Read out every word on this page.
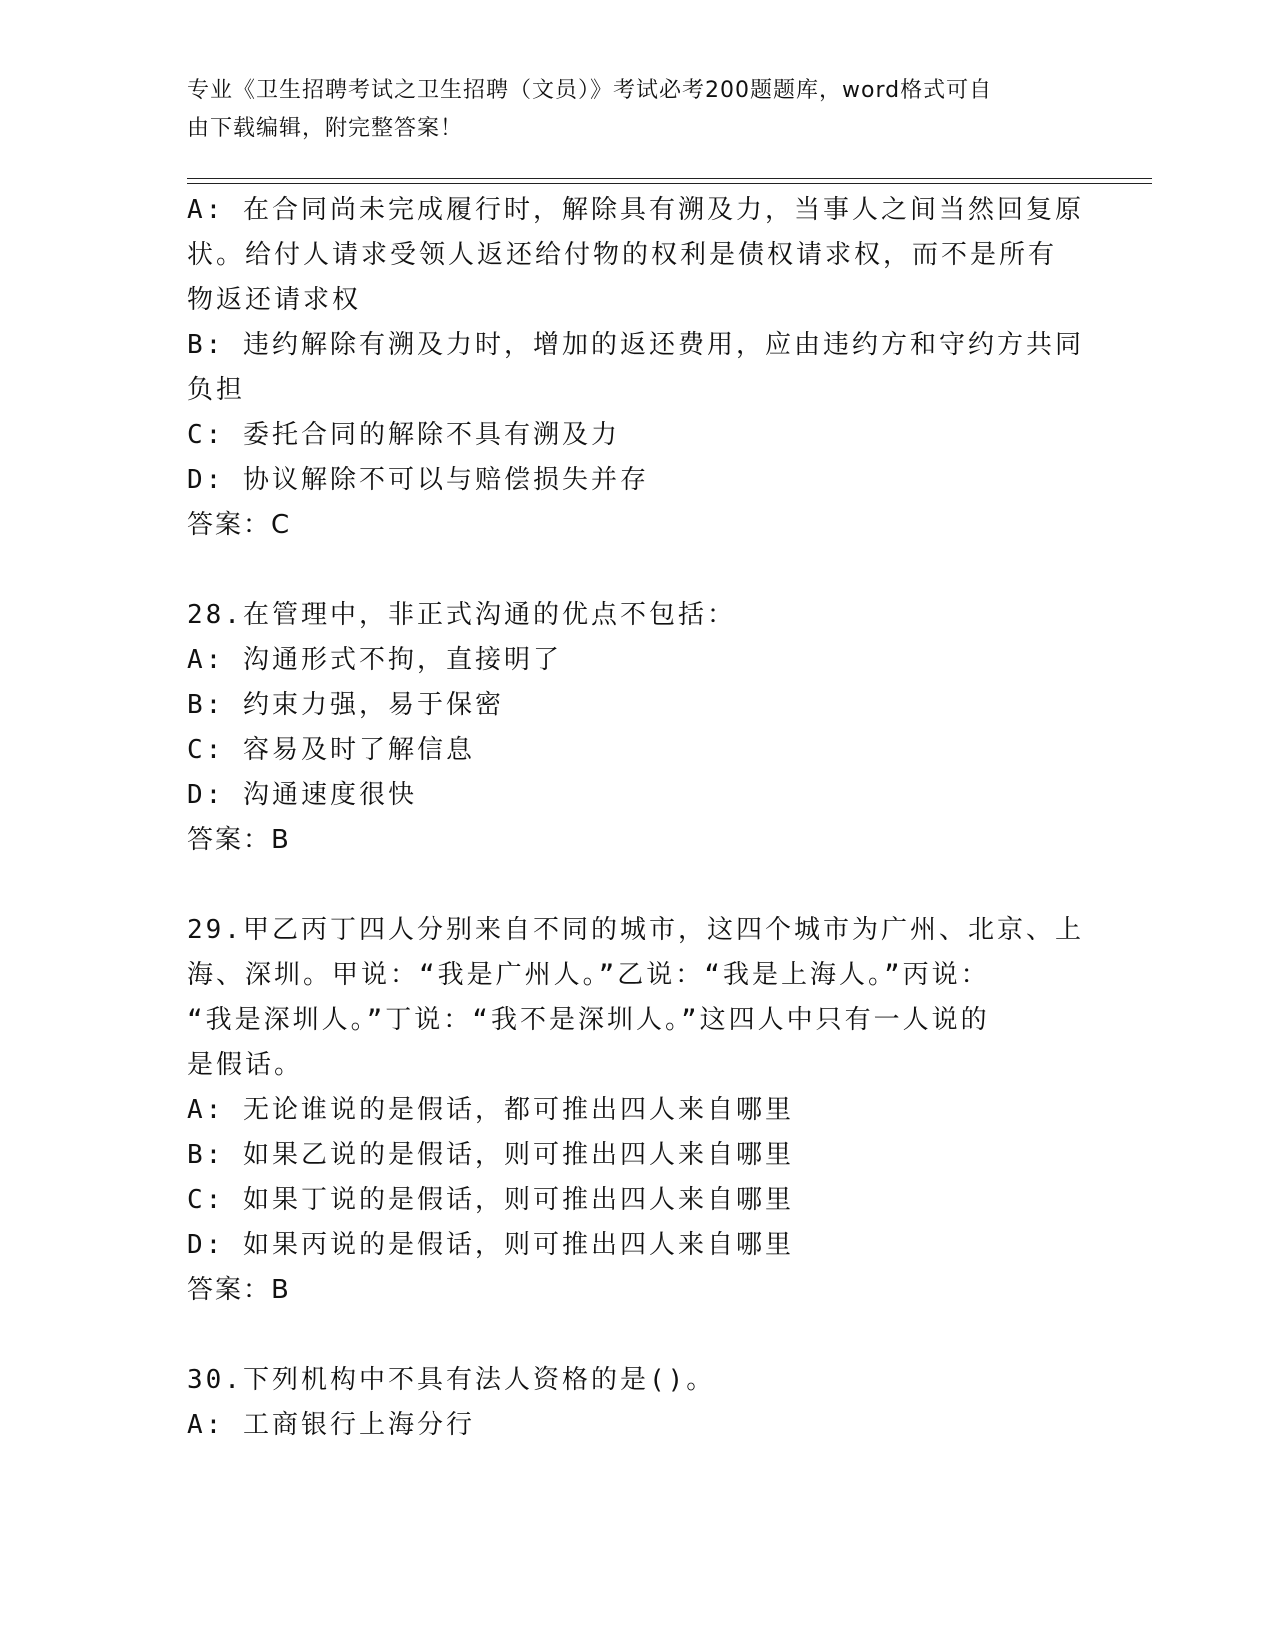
专业《卫生招聘考试之卫生招聘（文员）》考试必考200题题库，word格式可自
由下载编辑，附完整答案！

A: 在合同尚未完成履行时，解除具有溯及力，当事人之间当然回复原

状。给付人请求受领人返还给付物的权利是债权请求权，而不是所有

物返还请求权

B: 违约解除有溯及力时，增加的返还费用，应由违约方和守约方共同

负担

C: 委托合同的解除不具有溯及力

D: 协议解除不可以与赔偿损失并存

答案：C

28.在管理中，非正式沟通的优点不包括：

A: 沟通形式不拘，直接明了

B: 约束力强，易于保密

C: 容易及时了解信息

D: 沟通速度很快

答案：B

29.甲乙丙丁四人分别来自不同的城市，这四个城市为广州、北京、上

海、深圳。甲说：“我是广州人。”乙说：“我是上海人。”丙说：

“我是深圳人。”丁说：“我不是深圳人。”这四人中只有一人说的

是假话。

A: 无论谁说的是假话，都可推出四人来自哪里

B: 如果乙说的是假话，则可推出四人来自哪里

C: 如果丁说的是假话，则可推出四人来自哪里

D: 如果丙说的是假话，则可推出四人来自哪里

答案：B

30.下列机构中不具有法人资格的是()。

A: 工商银行上海分行
